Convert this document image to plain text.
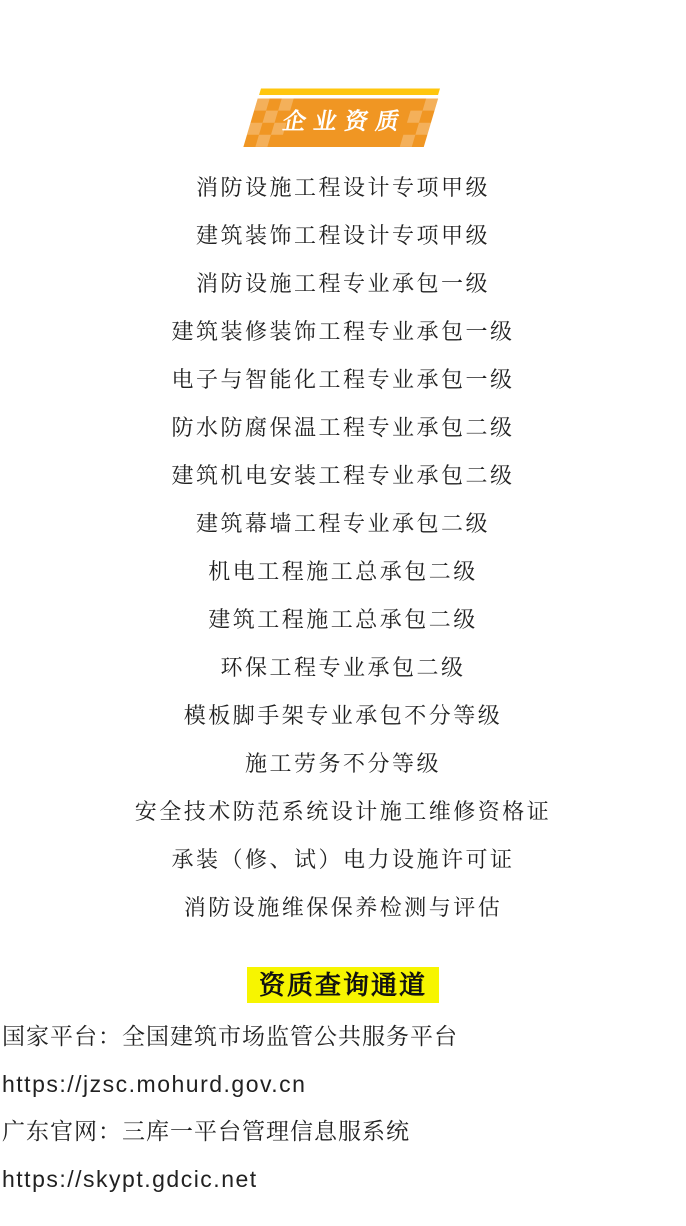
企业资质
消防设施工程设计专项甲级
建筑装饰工程设计专项甲级
消防设施工程专业承包一级
建筑装修装饰工程专业承包一级
电子与智能化工程专业承包一级
防水防腐保温工程专业承包二级
建筑机电安装工程专业承包二级
建筑幕墙工程专业承包二级
机电工程施工总承包二级
建筑工程施工总承包二级
环保工程专业承包二级
模板脚手架专业承包不分等级
施工劳务不分等级
安全技术防范系统设计施工维修资格证
承装（修、试）电力设施许可证
消防设施维保保养检测与评估
资质查询通道
国家平台：全国建筑市场监管公共服务平台
https://jzsc.mohurd.gov.cn
广东官网：三库一平台管理信息服系统
https://skypt.gdcic.net
